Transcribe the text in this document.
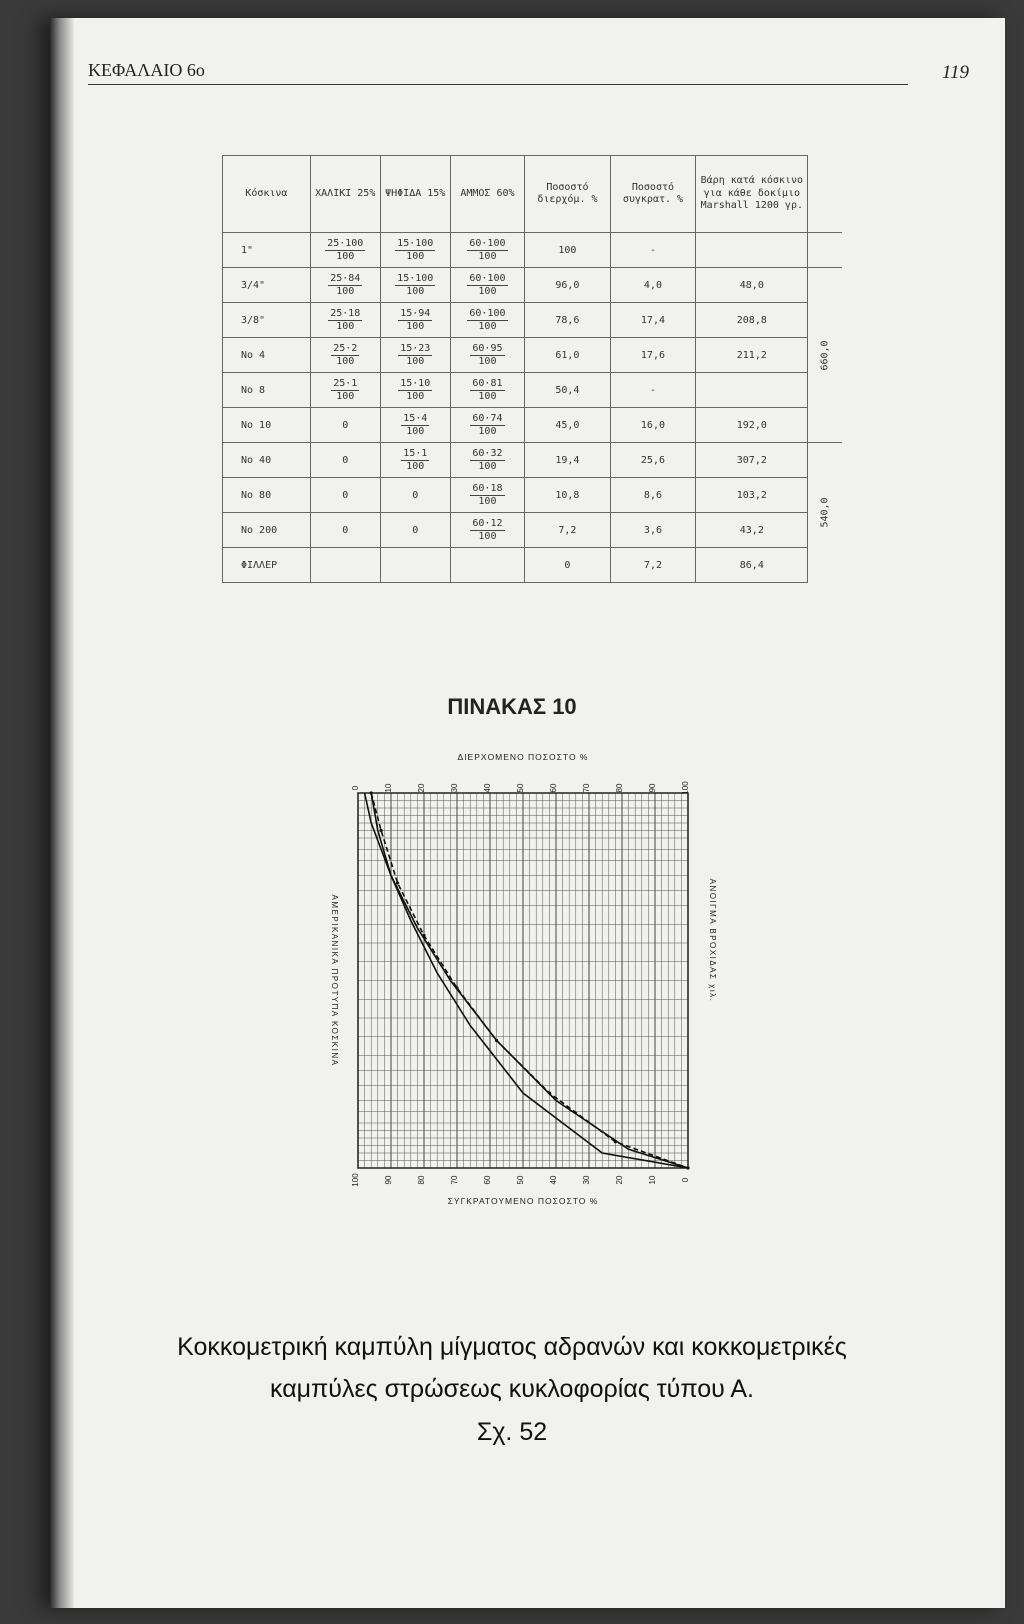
ΚΕΦΑΛΑΙΟ 6ο	119
Κόσκινα	ΧΑΛΙΚΙ 25%	ΨΗΦΙΔΑ 15%	ΑΜΜΟΣ 60%	Ποσοστό διερχόμ. %	Ποσοστό συγκρατ. %	Βάρη κατά κόσκινο για κάθε δοκίμιο Marshall 1200 γρ.	
1"	$\frac{25\cdot 100}{100}$	$\frac{15\cdot 100}{100}$	$\frac{60\cdot 100}{100}$	100	-		
3/4"	$\frac{25\cdot 84}{100}$	$\frac{15\cdot 100}{100}$	$\frac{60\cdot 100}{100}$	96,0	4,0	48,0	660,0
3/8"	$\frac{25\cdot 18}{100}$	$\frac{15\cdot 94}{100}$	$\frac{60\cdot 100}{100}$	78,6	17,4	208,8	
Νο 4	$\frac{25\cdot 2}{100}$	$\frac{15\cdot 23}{100}$	$\frac{60\cdot 95}{100}$	61,0	17,6	211,2	
Νο 8	$\frac{25\cdot 1}{100}$	$\frac{15\cdot 10}{100}$	$\frac{60\cdot 81}{100}$	50,4	-		
Νο 10	0	$\frac{15\cdot 4}{100}$	$\frac{60\cdot 74}{100}$	45,0	16,0	192,0	
Νο 40	0	$\frac{15\cdot 1}{100}$	$\frac{60\cdot 32}{100}$	19,4	25,6	307,2	540,0
Νο 80	0	0	$\frac{60\cdot 18}{100}$	10,8	8,6	103,2	
Νο 200	0	0	$\frac{60\cdot 12}{100}$	7,2	3,6	43,2	
ΦΙΛΛΕΡ				0	7,2	86,4	
ΠΙΝΑΚΑΣ 10
0	10	20	30	40	50	60	70	80	90	100
100	90	80	70	60	50	40	30	20	10	0
ΔΙΕΡΧΟΜΕΝΟ ΠΟΣΟΣΤΟ %
ΣΥΓΚΡΑΤΟΥΜΕΝΟ ΠΟΣΟΣΤΟ %
ΑΜΕΡΙΚΑΝΙΚΑ ΠΡΟΤΥΠΑ ΚΟΣΚΙΝΑ	ΑΝΟΙΓΜΑ ΒΡΟΧΙΔΑΣ χιλ.
Κοκκομετρική καμπύλη μίγματος αδρανών και κοκκομετρικές
καμπύλες στρώσεως κυκλοφορίας τύπου Α.
Σχ. 52
